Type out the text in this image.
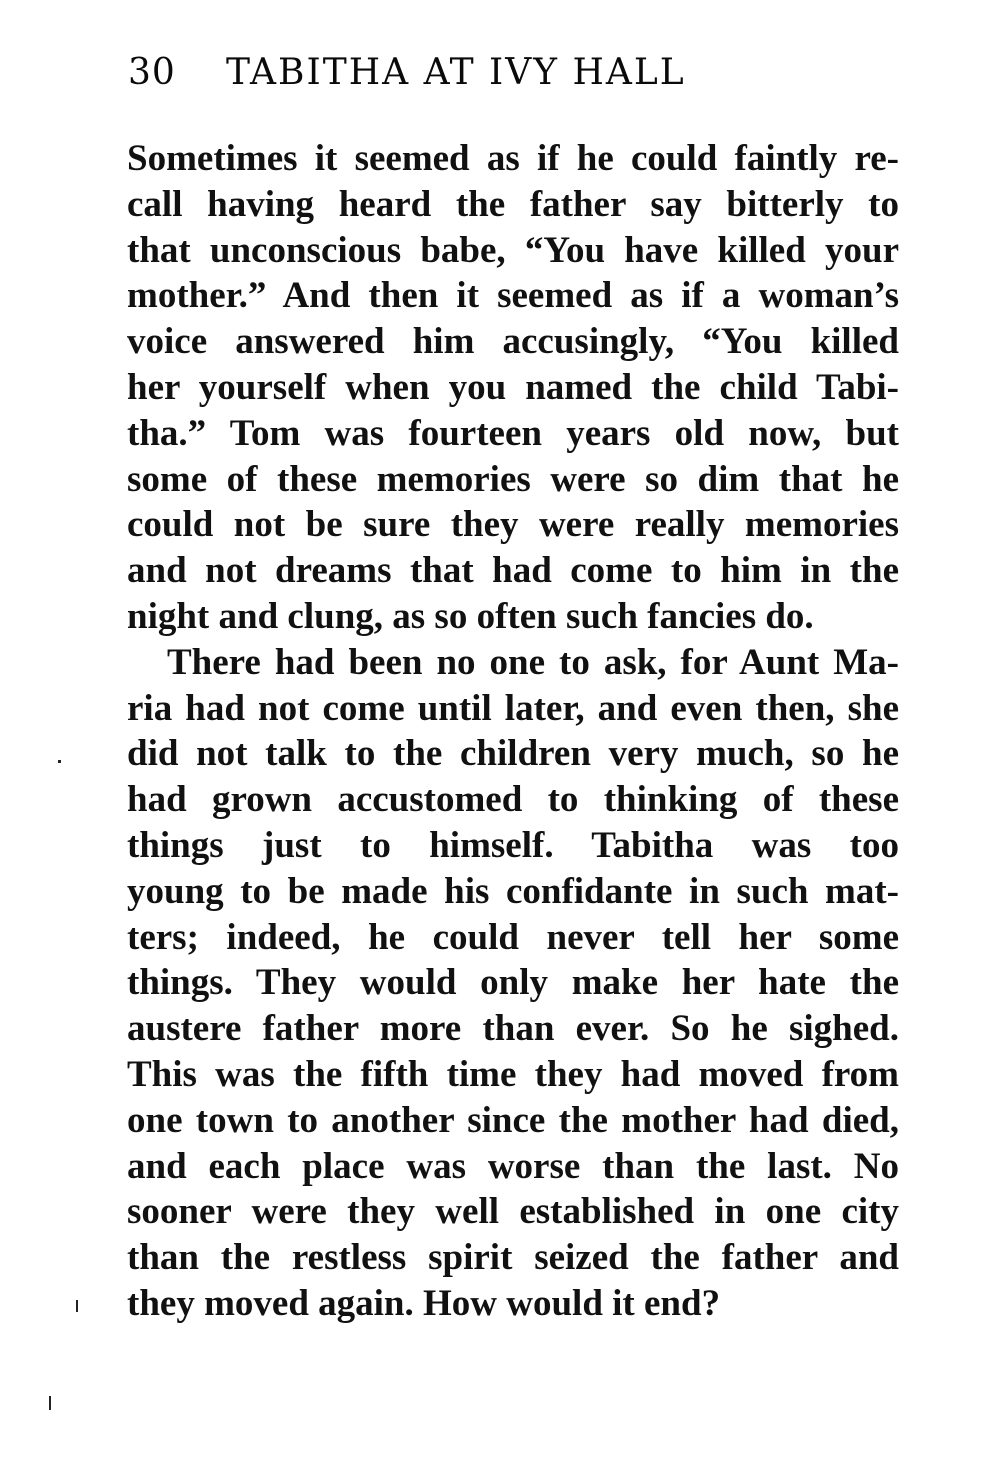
30 TABITHA AT IVY HALL
Sometimes it seemed as if he could faintly re-
call having heard the father say bitterly to
that unconscious babe, “You have killed your
mother.” And then it seemed as if a woman’s
voice answered him accusingly, “You killed
her yourself when you named the child Tabi-
tha.” Tom was fourteen years old now, but
some of these memories were so dim that he
could not be sure they were really memories
and not dreams that had come to him in the
night and clung, as so often such fancies do.
There had been no one to ask, for Aunt Ma-
ria had not come until later, and even then, she
did not talk to the children very much, so he
had grown accustomed to thinking of these
things just to himself. Tabitha was too
young to be made his confidante in such mat-
ters; indeed, he could never tell her some
things. They would only make her hate the
austere father more than ever. So he sighed.
This was the fifth time they had moved from
one town to another since the mother had died,
and each place was worse than the last. No
sooner were they well established in one city
than the restless spirit seized the father and
they moved again. How would it end?
